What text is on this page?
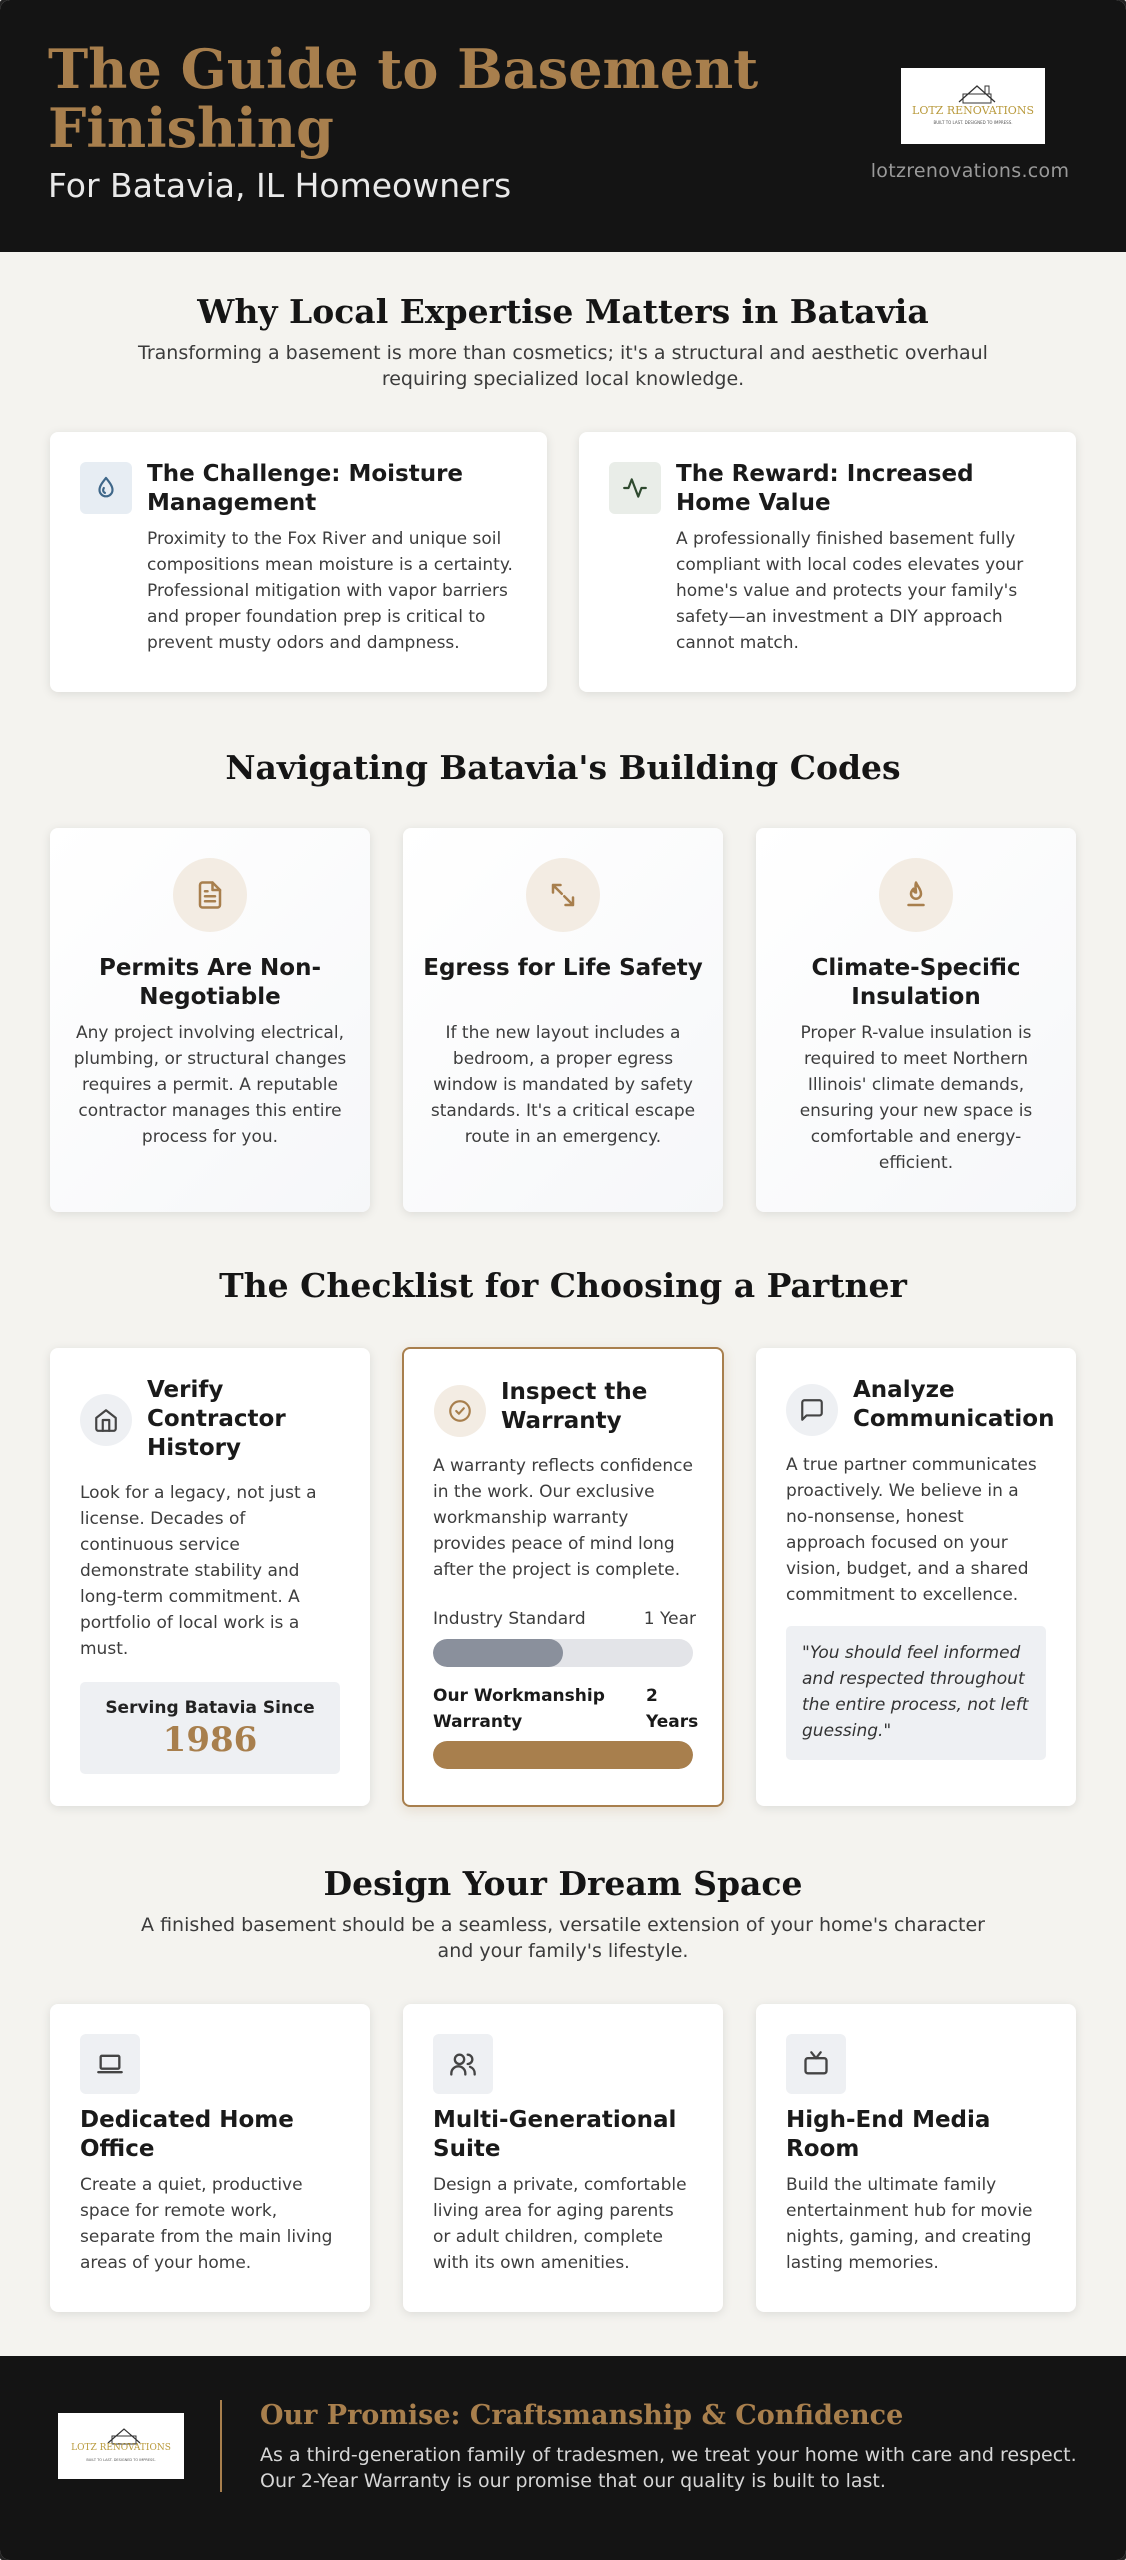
The Guide to Basement Finishing
For Batavia, IL Homeowners
LOTZ RENOVATIONS
BUILT TO LAST. DESIGNED TO IMPRESS.
lotzrenovations.com
Why Local Expertise Matters in Batavia
Transforming a basement is more than cosmetics; it's a structural and aesthetic overhaul requiring specialized local knowledge.
The Challenge: Moisture Management
Proximity to the Fox River and unique soil compositions mean moisture is a certainty. Professional mitigation with vapor barriers and proper foundation prep is critical to prevent musty odors and dampness.
The Reward: Increased Home Value
A professionally finished basement fully compliant with local codes elevates your home's value and protects your family's safety—an investment a DIY approach cannot match.
Navigating Batavia's Building Codes
Permits Are Non-Negotiable
Any project involving electrical, plumbing, or structural changes requires a permit. A reputable contractor manages this entire process for you.
Egress for Life Safety
If the new layout includes a bedroom, a proper egress window is mandated by safety standards. It's a critical escape route in an emergency.
Climate-Specific Insulation
Proper R-value insulation is required to meet Northern Illinois' climate demands, ensuring your new space is comfortable and energy-efficient.
The Checklist for Choosing a Partner
Verify Contractor History
Look for a legacy, not just a license. Decades of continuous service demonstrate stability and long-term commitment. A portfolio of local work is a must.
Serving Batavia Since
1986
Inspect the Warranty
A warranty reflects confidence in the work. Our exclusive workmanship warranty provides peace of mind long after the project is complete.
Industry Standard	1 Year
Our Workmanship Warranty
2 Years
Analyze Communication
A true partner communicates proactively. We believe in a no-nonsense, honest approach focused on your vision, budget, and a shared commitment to excellence.
"You should feel informed and respected throughout the entire process, not left guessing."
Design Your Dream Space
A finished basement should be a seamless, versatile extension of your home's character and your family's lifestyle.
Dedicated Home Office
Create a quiet, productive space for remote work, separate from the main living areas of your home.
Multi-Generational Suite
Design a private, comfortable living area for aging parents or adult children, complete with its own amenities.
High-End Media Room
Build the ultimate family entertainment hub for movie nights, gaming, and creating lasting memories.
LOTZ RENOVATIONS
BUILT TO LAST. DESIGNED TO IMPRESS.
Our Promise: Craftsmanship & Confidence
As a third-generation family of tradesmen, we treat your home with care and respect. Our 2-Year Warranty is our promise that our quality is built to last.
